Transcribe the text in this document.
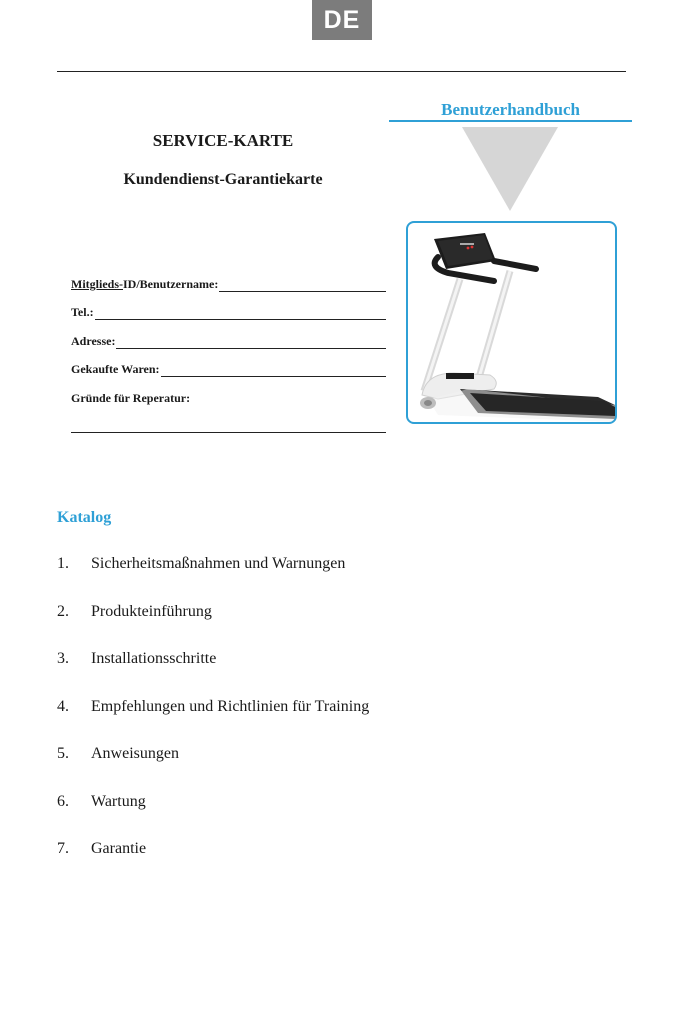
DE
Benutzerhandbuch
SERVICE-KARTE
Kundendienst-Garantiekarte
Mitglieds-ID/Benutzername:
Tel.:
Adresse:
Gekaufte Waren:
Gründe für Reperatur:
Katalog
1.	Sicherheitsmaßnahmen und Warnungen
2.	Produkteinführung
3.	Installationsschritte
4.	Empfehlungen und Richtlinien für Training
5.	Anweisungen
6.	Wartung
7.	Garantie
